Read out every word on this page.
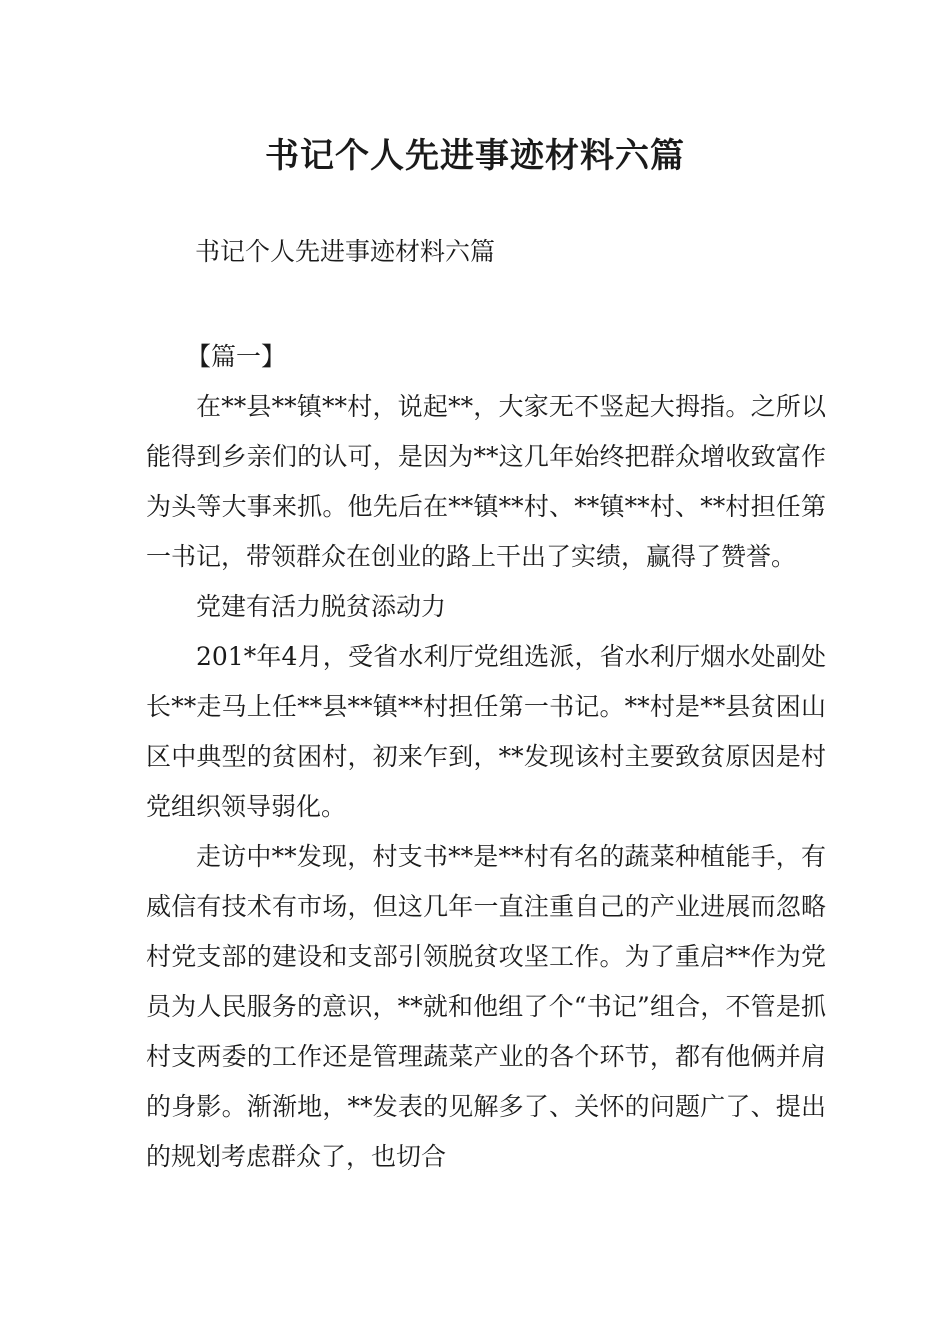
书记个人先进事迹材料六篇

书记个人先进事迹材料六篇

【篇一】

在**县**镇**村，说起**，大家无不竖起大拇指。之所以能得到乡亲们的认可，是因为**这几年始终把群众增收致富作为头等大事来抓。他先后在**镇**村、**镇**村、**村担任第一书记，带领群众在创业的路上干出了实绩，赢得了赞誉。

党建有活力脱贫添动力

201*年4月，受省水利厅党组选派，省水利厅烟水处副处长**走马上任**县**镇**村担任第一书记。**村是**县贫困山区中典型的贫困村，初来乍到，**发现该村主要致贫原因是村党组织领导弱化。

走访中**发现，村支书**是**村有名的蔬菜种植能手，有威信有技术有市场，但这几年一直注重自己的产业进展而忽略村党支部的建设和支部引领脱贫攻坚工作。为了重启**作为党员为人民服务的意识，**就和他组了个“书记”组合，不管是抓村支两委的工作还是管理蔬菜产业的各个环节，都有他俩并肩的身影。渐渐地，**发表的见解多了、关怀的问题广了、提出的规划考虑群众了，也切合
